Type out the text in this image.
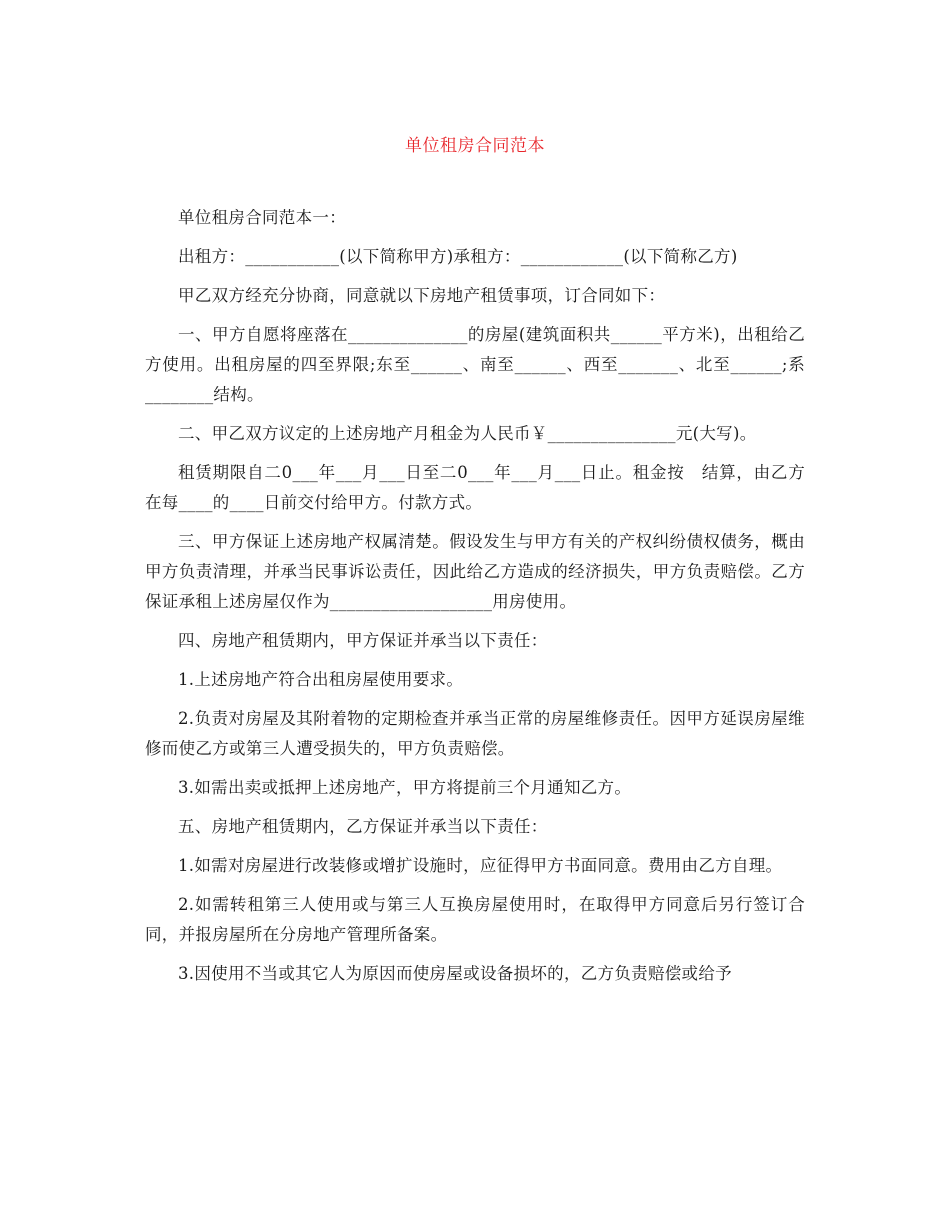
单位租房合同范本

单位租房合同范本一：

出租方：___________(以下简称甲方)承租方：____________(以下简称乙方)

甲乙双方经充分协商，同意就以下房地产租赁事项，订合同如下：

一、甲方自愿将座落在______________的房屋(建筑面积共______平方米)，出租给乙方使用。出租房屋的四至界限;东至______、南至______、西至_______、北至______;系________结构。

二、甲乙双方议定的上述房地产月租金为人民币￥_______________元(大写)。

租赁期限自二0___年___月___日至二0___年___月___日止。租金按　结算，由乙方在每____的____日前交付给甲方。付款方式。

三、甲方保证上述房地产权属清楚。假设发生与甲方有关的产权纠纷债权债务，概由甲方负责清理，并承当民事诉讼责任，因此给乙方造成的经济损失，甲方负责赔偿。乙方保证承租上述房屋仅作为___________________用房使用。

四、房地产租赁期内，甲方保证并承当以下责任：

1.上述房地产符合出租房屋使用要求。

2.负责对房屋及其附着物的定期检查并承当正常的房屋维修责任。因甲方延误房屋维修而使乙方或第三人遭受损失的，甲方负责赔偿。

3.如需出卖或抵押上述房地产，甲方将提前三个月通知乙方。

五、房地产租赁期内，乙方保证并承当以下责任：

1.如需对房屋进行改装修或增扩设施时，应征得甲方书面同意。费用由乙方自理。

2.如需转租第三人使用或与第三人互换房屋使用时，在取得甲方同意后另行签订合同，并报房屋所在分房地产管理所备案。

3.因使用不当或其它人为原因而使房屋或设备损坏的，乙方负责赔偿或给予
